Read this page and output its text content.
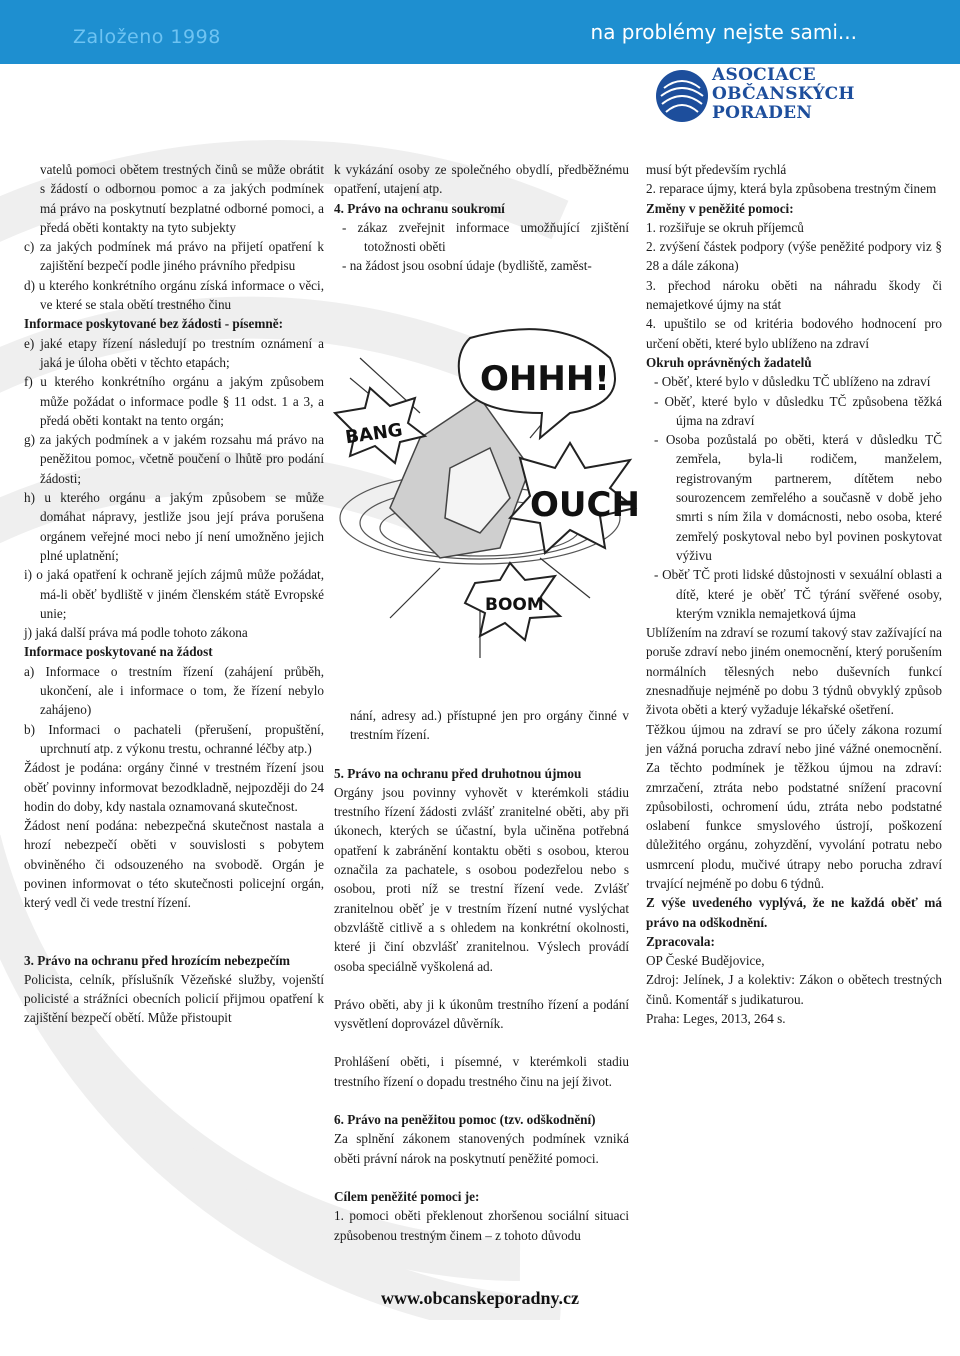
Založeno 1998	na problémy nejste sami...
ASOCIACE
OBČANSKÝCH
PORADEN

vatelů pomoci obětem trestných činů se může obrátit s žádostí o odbornou pomoc a za jakých podmínek má právo na poskytnutí bezplatné odborné pomoci, a předá oběti kontakty na tyto subjekty

c) za jakých podmínek má právo na přijetí opatření k zajištění bezpečí podle jiného právního předpisu

d) u kterého konkrétního orgánu získá informace o věci, ve které se stala obětí trestného činu

Informace poskytované bez žádosti - písemně:

e) jaké etapy řízení následují po trestním oznámení a jaká je úloha oběti v těchto etapách;

f) u kterého konkrétního orgánu a jakým způsobem může požádat o informace podle § 11 odst. 1 a 3, a předá oběti kontakt na tento orgán;

g) za jakých podmínek a v jakém rozsahu má právo na peněžitou pomoc, včetně poučení o lhůtě pro podání žádosti;

h) u kterého orgánu a jakým způsobem se může domáhat nápravy, jestliže jsou její práva porušena orgánem veřejné moci nebo jí není umožněno jejich plné uplatnění;

i) o jaká opatření k ochraně jejích zájmů může požádat, má-li oběť bydliště v jiném členském státě Evropské unie;

j) jaká další práva má podle tohoto zákona

Informace poskytované na žádost

a) Informace o trestním řízení (zahájení průběh, ukončení, ale i informace o tom, že řízení nebylo zahájeno)

b) Informaci o pachateli (přerušení, propuštění, uprchnutí atp. z výkonu trestu, ochranné léčby atp.)

Žádost je podána: orgány činné v trestném řízení jsou oběť povinny informovat bezodkladně, nejpozději do 24 hodin do doby, kdy nastala oznamovaná skutečnost.

Žádost není podána: nebezpečná skutečnost nastala a hrozí nebezpečí oběti v souvislosti s pobytem obviněného či odsouzeného na svobodě. Orgán je povinen informovat o této skutečnosti policejní orgán, který vedl či vede trestní řízení.

3. Právo na ochranu před hrozícím nebezpečím

Policista, celník, příslušník Vězeňské služby, vojenští policisté a strážníci obecních policií přijmou opatření k zajištění bezpečí obětí. Může přistoupit

k vykázání osoby ze společného obydlí, předběžnému opatření, utajení atp.

4. Právo na ochranu soukromí

- zákaz zveřejnit informace umožňující zjištění totožnosti oběti

- na žádost jsou osobní údaje (bydliště, zaměst-

OHHH!
BANG
OUCH
BOOM

nání, adresy ad.) přístupné jen pro orgány činné v trestním řízení.

5. Právo na ochranu před druhotnou újmou

Orgány jsou povinny vyhovět v kterémkoli stádiu trestního řízení žádosti zvlášť zranitelné oběti, aby při úkonech, kterých se účastní, byla učiněna potřebná opatření k zabránění kontaktu oběti s osobou, kterou označila za pachatele, s osobou podezřelou nebo s osobou, proti níž se trestní řízení vede. Zvlášť zranitelnou oběť je v trestním řízení nutné vyslýchat obzvláště citlivě a s ohledem na konkrétní okolnosti, které ji činí obzvlášť zranitelnou. Výslech provádí osoba speciálně vyškolená ad.

Právo oběti, aby ji k úkonům trestního řízení a podání vysvětlení doprovázel důvěrník.

Prohlášení oběti, i písemné, v kterémkoli stadiu trestního řízení o dopadu trestného činu na její život.

6. Právo na peněžitou pomoc (tzv. odškodnění)

Za splnění zákonem stanovených podmínek vzniká oběti právní nárok na poskytnutí peněžité pomoci.

Cílem peněžité pomoci je:

1. pomoci oběti překlenout zhoršenou sociální situaci způsobenou trestným činem – z tohoto důvodu

musí být především rychlá

2. reparace újmy, která byla způsobena trestným činem

Změny v peněžité pomoci:

1. rozšiřuje se okruh příjemců

2. zvýšení částek podpory (výše peněžité podpory viz § 28 a dále zákona)

3. přechod nároku oběti na náhradu škody či nemajetkové újmy na stát

4. upuštilo se od kritéria bodového hodnocení pro určení oběti, které bylo ublíženo na zdraví

Okruh oprávněných žadatelů

- Oběť, které bylo v důsledku TČ ublíženo na zdraví

- Oběť, které bylo v důsledku TČ způsobena těžká újma na zdraví

- Osoba pozůstalá po oběti, která v důsledku TČ zemřela, byla-li rodičem, manželem, registrovaným partnerem, dítětem nebo sourozencem zemřelého a současně v době jeho smrti s ním žila v domácnosti, nebo osoba, které zemřelý poskytoval nebo byl povinen poskytovat výživu

- Oběť TČ proti lidské důstojnosti v sexuální oblasti a dítě, které je oběť TČ týrání svěřené osoby, kterým vznikla nemajetková újma

Ublížením na zdraví se rozumí takový stav zažívající na poruše zdraví nebo jiném onemocnění, který porušením normálních tělesných nebo duševních funkcí znesnadňuje nejméně po dobu 3 týdnů obvyklý způsob života oběti a který vyžaduje lékařské ošetření.

Těžkou újmou na zdraví se pro účely zákona rozumí jen vážná porucha zdraví nebo jiné vážné onemocnění. Za těchto podmínek je těžkou újmou na zdraví: zmrzačení, ztráta nebo podstatné snížení pracovní způsobilosti, ochromení údu, ztráta nebo podstatné oslabení funkce smyslového ústrojí, poškození důležitého orgánu, zohyzdění, vyvolání potratu nebo usmrcení plodu, mučivé útrapy nebo porucha zdraví trvající nejméně po dobu 6 týdnů.

Z výše uvedeného vyplývá, že ne každá oběť má právo na odškodnění.

Zpracovala:

OP České Budějovice,

Zdroj: Jelínek, J a kolektiv: Zákon o obětech trestných činů. Komentář s judikaturou.

Praha: Leges, 2013, 264 s.

www.obcanskeporadny.cz
